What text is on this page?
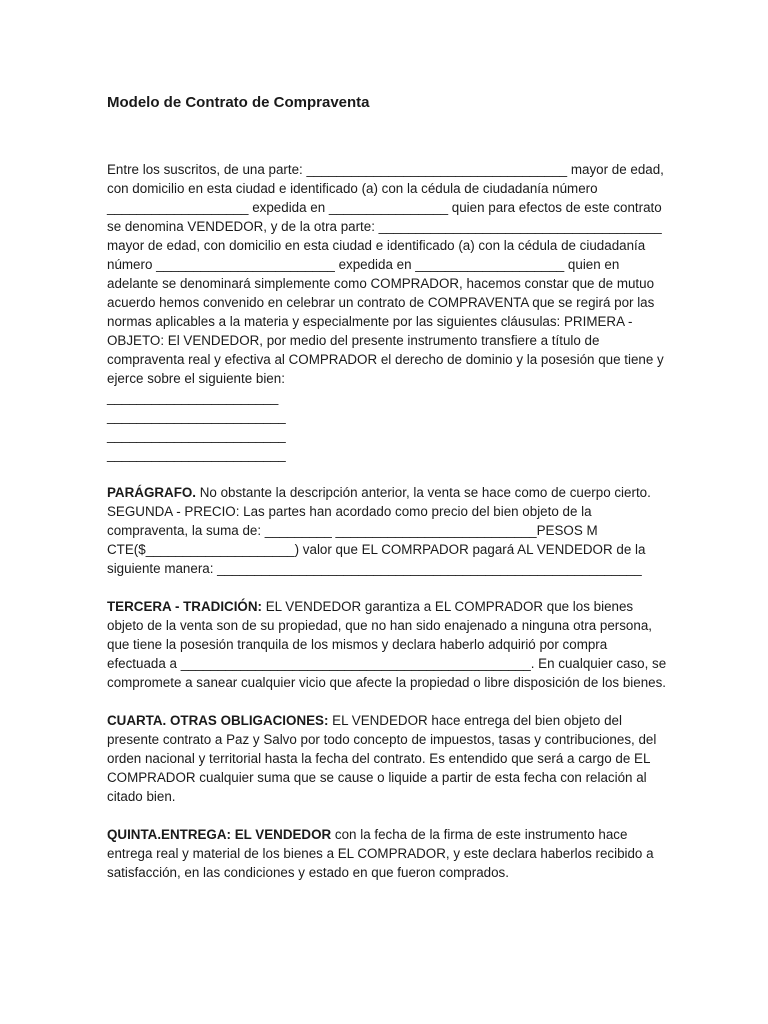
Modelo de Contrato de Compraventa

Entre los suscritos, de una parte: ___________________________________ mayor de edad, con domicilio en esta ciudad e identificado (a) con la cédula de ciudadanía número ___________________ expedida en ________________ quien para efectos de este contrato se denomina VENDEDOR, y de la otra parte: ______________________________________ mayor de edad, con domicilio en esta ciudad e identificado (a) con la cédula de ciudadanía número ________________________ expedida en ____________________ quien en adelante se denominará simplemente como COMPRADOR, hacemos constar que de mutuo acuerdo hemos convenido en celebrar un contrato de COMPRAVENTA que se regirá por las normas aplicables a la materia y especialmente por las siguientes cláusulas: PRIMERA - OBJETO: El VENDEDOR, por medio del presente instrumento transfiere a título de compraventa real y efectiva al COMPRADOR el derecho de dominio y la posesión que tiene y ejerce sobre el siguiente bien:

_______________________
________________________
________________________
________________________

PARÁGRAFO. No obstante la descripción anterior, la venta se hace como de cuerpo cierto. SEGUNDA - PRECIO: Las partes han acordado como precio del bien objeto de la compraventa, la suma de: _________ ___________________________PESOS M CTE($____________________) valor que EL COMRPADOR pagará AL VENDEDOR de la siguiente manera: _________________________________________________________

TERCERA - TRADICIÓN: EL VENDEDOR garantiza a EL COMPRADOR que los bienes objeto de la venta son de su propiedad, que no han sido enajenado a ninguna otra persona, que tiene la posesión tranquila de los mismos y declara haberlo adquirió por compra efectuada a _______________________________________________. En cualquier caso, se compromete a sanear cualquier vicio que afecte la propiedad o libre disposición de los bienes.

CUARTA. OTRAS OBLIGACIONES: EL VENDEDOR hace entrega del bien objeto del presente contrato a Paz y Salvo por todo concepto de impuestos, tasas y contribuciones, del orden nacional y territorial hasta la fecha del contrato. Es entendido que será a cargo de EL COMPRADOR cualquier suma que se cause o liquide a partir de esta fecha con relación al citado bien.

QUINTA.ENTREGA: EL VENDEDOR con la fecha de la firma de este instrumento hace entrega real y material de los bienes a EL COMPRADOR, y este declara haberlos recibido a satisfacción, en las condiciones y estado en que fueron comprados.
